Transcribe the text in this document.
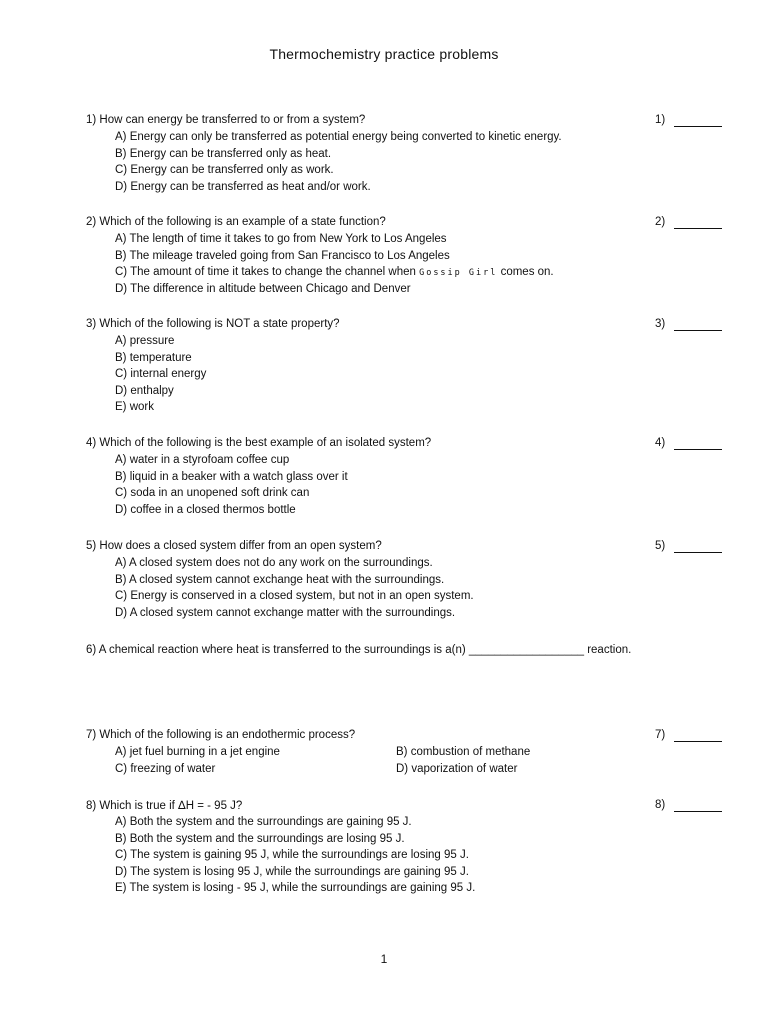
Thermochemistry practice problems
1) How can energy be transferred to or from a system?
A) Energy can only be transferred as potential energy being converted to kinetic energy.
B) Energy can be transferred only as heat.
C) Energy can be transferred only as work.
D) Energy can be transferred as heat and/or work.
1)
2) Which of the following is an example of a state function?
A) The length of time it takes to go from New York to Los Angeles
B) The mileage traveled going from San Francisco to Los Angeles
C) The amount of time it takes to change the channel when Gossip Girl comes on.
D) The difference in altitude between Chicago and Denver
2)
3) Which of the following is NOT a state property?
A) pressure
B) temperature
C) internal energy
D) enthalpy
E) work
3)
4) Which of the following is the best example of an isolated system?
A) water in a styrofoam coffee cup
B) liquid in a beaker with a watch glass over it
C) soda in an unopened soft drink can
D) coffee in a closed thermos bottle
4)
5) How does a closed system differ from an open system?
A) A closed system does not do any work on the surroundings.
B) A closed system cannot exchange heat with the surroundings.
C) Energy is conserved in a closed system, but not in an open system.
D) A closed system cannot exchange matter with the surroundings.
5)
6) A chemical reaction where heat is transferred to the surroundings is a(n) __________________ reaction.
7) Which of the following is an endothermic process?
A) jet fuel burning in a jet engine	B) combustion of methane
C) freezing of water	D) vaporization of water
7)
8) Which is true if ∆H = - 95 J?
A) Both the system and the surroundings are gaining 95 J.
B) Both the system and the surroundings are losing 95 J.
C) The system is gaining 95 J, while the surroundings are losing 95 J.
D) The system is losing 95 J, while the surroundings are gaining 95 J.
E) The system is losing - 95 J, while the surroundings are gaining 95 J.
8)
1
